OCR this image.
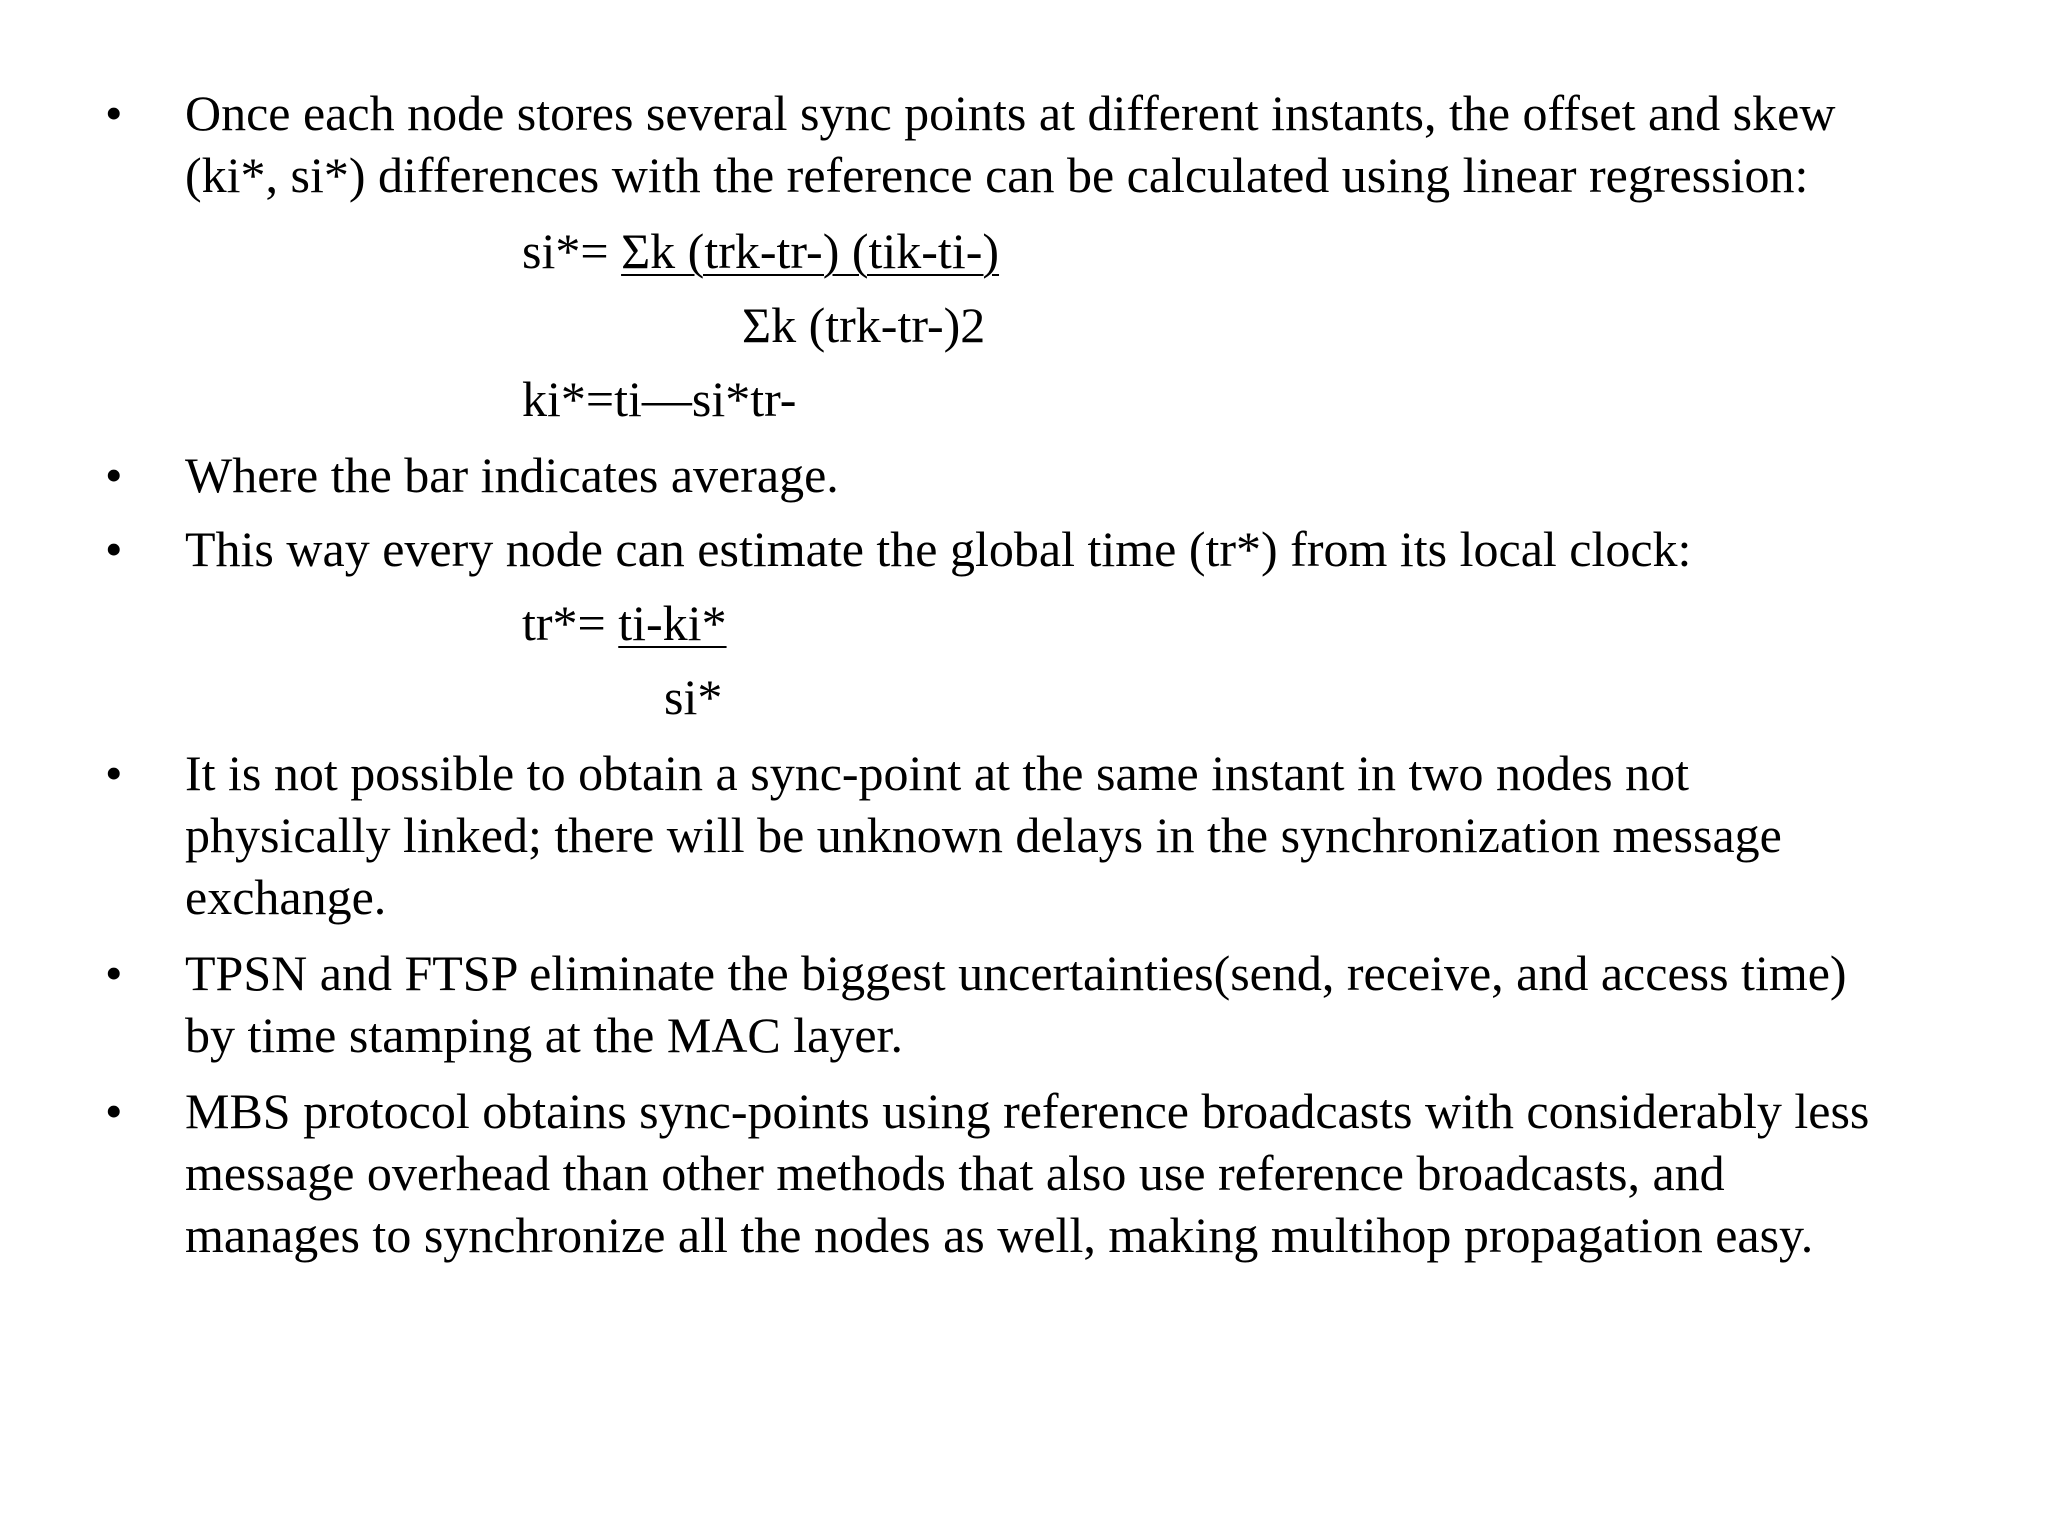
• Once each node stores several sync points at different instants, the offset and skew
(ki*, si*) differences with the reference can be calculated using linear regression:
si*= Σk (trk-tr-) (tik-ti-)
Σk (trk-tr-)2
ki*=ti—si*tr-
• Where the bar indicates average.
• This way every node can estimate the global time (tr*) from its local clock:
tr*= ti-ki*
si*
• It is not possible to obtain a sync-point at the same instant in two nodes not
physically linked; there will be unknown delays in the synchronization message
exchange.
• TPSN and FTSP eliminate the biggest uncertainties(send, receive, and access time)
by time stamping at the MAC layer.
• MBS protocol obtains sync-points using reference broadcasts with considerably less
message overhead than other methods that also use reference broadcasts, and
manages to synchronize all the nodes as well, making multihop propagation easy.
